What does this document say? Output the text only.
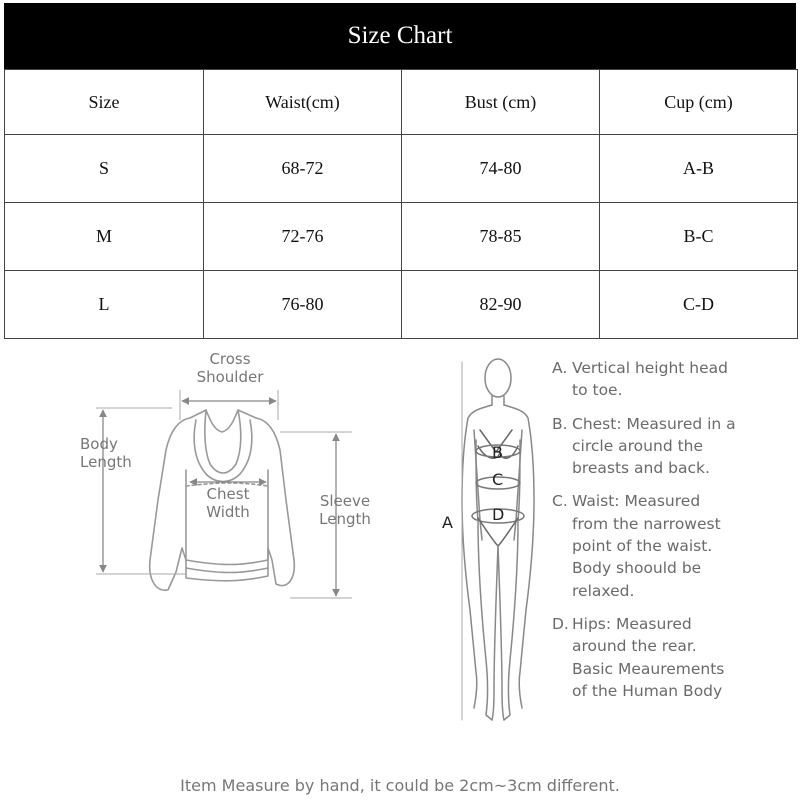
Size Chart
Size	Waist(cm)	Bust (cm)	Cup (cm)
S	68-72	74-80	A-B
M	72-76	78-85	B-C
L	76-80	82-90	C-D
Cross
Shoulder
Body
Length
Chest
Width
Sleeve
Length	A
B
C
D
A. Vertical height head
to toe.
B. Chest: Measured in a
circle around the
breasts and back.
C. Waist: Measured
from the narrowest
point of the waist.
Body shoould be
relaxed.
D. Hips: Measured
around the rear.
Basic Meaurements
of the Human Body
Item Measure by hand, it could be 2cm~3cm different.
